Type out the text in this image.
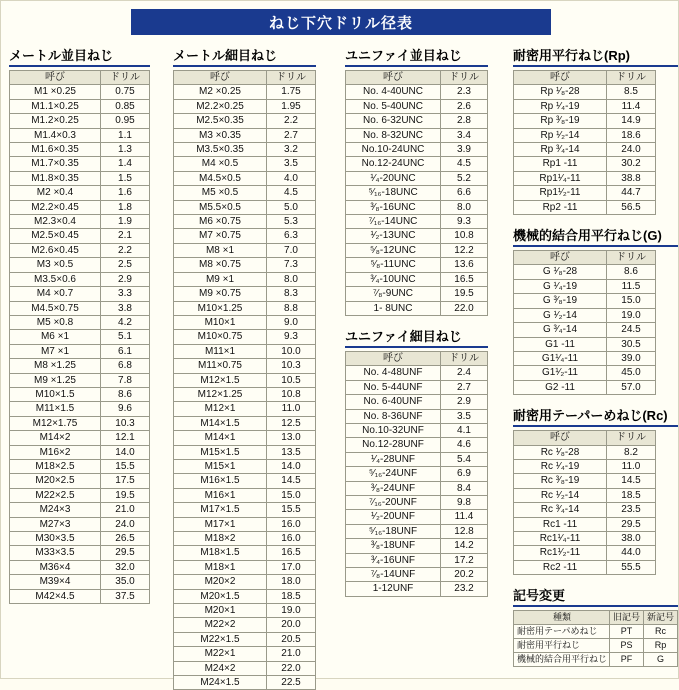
ねじ下穴ドリル径表
メートル並目ねじ
呼び	ドリル
M1 ×0.25	0.75
M1.1×0.25	0.85
M1.2×0.25	0.95
M1.4×0.3	1.1
M1.6×0.35	1.3
M1.7×0.35	1.4
M1.8×0.35	1.5
M2 ×0.4	1.6
M2.2×0.45	1.8
M2.3×0.4	1.9
M2.5×0.45	2.1
M2.6×0.45	2.2
M3 ×0.5	2.5
M3.5×0.6	2.9
M4 ×0.7	3.3
M4.5×0.75	3.8
M5 ×0.8	4.2
M6 ×1	5.1
M7 ×1	6.1
M8 ×1.25	6.8
M9 ×1.25	7.8
M10×1.5	8.6
M11×1.5	9.6
M12×1.75	10.3
M14×2	12.1
M16×2	14.0
M18×2.5	15.5
M20×2.5	17.5
M22×2.5	19.5
M24×3	21.0
M27×3	24.0
M30×3.5	26.5
M33×3.5	29.5
M36×4	32.0
M39×4	35.0
M42×4.5	37.5
メートル細目ねじ
呼び	ドリル
M2 ×0.25	1.75
M2.2×0.25	1.95
M2.5×0.35	2.2
M3 ×0.35	2.7
M3.5×0.35	3.2
M4 ×0.5	3.5
M4.5×0.5	4.0
M5 ×0.5	4.5
M5.5×0.5	5.0
M6 ×0.75	5.3
M7 ×0.75	6.3
M8 ×1	7.0
M8 ×0.75	7.3
M9 ×1	8.0
M9 ×0.75	8.3
M10×1.25	8.8
M10×1	9.0
M10×0.75	9.3
M11×1	10.0
M11×0.75	10.3
M12×1.5	10.5
M12×1.25	10.8
M12×1	11.0
M14×1.5	12.5
M14×1	13.0
M15×1.5	13.5
M15×1	14.0
M16×1.5	14.5
M16×1	15.0
M17×1.5	15.5
M17×1	16.0
M18×2	16.0
M18×1.5	16.5
M18×1	17.0
M20×2	18.0
M20×1.5	18.5
M20×1	19.0
M22×2	20.0
M22×1.5	20.5
M22×1	21.0
M24×2	22.0
M24×1.5	22.5
ユニファイ並目ねじ
呼び	ドリル
No. 4-40UNC	2.3
No. 5-40UNC	2.6
No. 6-32UNC	2.8
No. 8-32UNC	3.4
No.10-24UNC	3.9
No.12-24UNC	4.5
¹⁄₄-20UNC	5.2
⁵⁄₁₆-18UNC	6.6
³⁄₈-16UNC	8.0
⁷⁄₁₆-14UNC	9.3
¹⁄₂-13UNC	10.8
⁵⁄₈-12UNC	12.2
⁵⁄₈-11UNC	13.6
³⁄₄-10UNC	16.5
⁷⁄₈-9UNC	19.5
1- 8UNC	22.0
ユニファイ細目ねじ
呼び	ドリル
No. 4-48UNF	2.4
No. 5-44UNF	2.7
No. 6-40UNF	2.9
No. 8-36UNF	3.5
No.10-32UNF	4.1
No.12-28UNF	4.6
¹⁄₄-28UNF	5.4
⁵⁄₁₆-24UNF	6.9
³⁄₈-24UNF	8.4
⁷⁄₁₆-20UNF	9.8
¹⁄₂-20UNF	11.4
⁵⁄₁₆-18UNF	12.8
³⁄₈-18UNF	14.2
³⁄₄-16UNF	17.2
⁷⁄₈-14UNF	20.2
1-12UNF	23.2
耐密用平行ねじ(Rp)
呼び	ドリル
Rp ¹⁄₈-28	8.5
Rp ¹⁄₄-19	11.4
Rp ³⁄₈-19	14.9
Rp ¹⁄₂-14	18.6
Rp ³⁄₄-14	24.0
Rp1 -11	30.2
Rp1¹⁄₄-11	38.8
Rp1¹⁄₂-11	44.7
Rp2 -11	56.5
機械的結合用平行ねじ(G)
呼び	ドリル
G ¹⁄₈-28	8.6
G ¹⁄₄-19	11.5
G ³⁄₈-19	15.0
G ¹⁄₂-14	19.0
G ³⁄₄-14	24.5
G1 -11	30.5
G1¹⁄₄-11	39.0
G1¹⁄₂-11	45.0
G2 -11	57.0
耐密用テーパーめねじ(Rc)
呼び	ドリル
Rc ¹⁄₈-28	8.2
Rc ¹⁄₄-19	11.0
Rc ³⁄₈-19	14.5
Rc ¹⁄₂-14	18.5
Rc ³⁄₄-14	23.5
Rc1 -11	29.5
Rc1¹⁄₄-11	38.0
Rc1¹⁄₂-11	44.0
Rc2 -11	55.5
記号変更
種類	旧記号	新記号
耐密用テーパめねじ	PT	Rc
耐密用平行ねじ	PS	Rp
機械的結合用平行ねじ	PF	G
